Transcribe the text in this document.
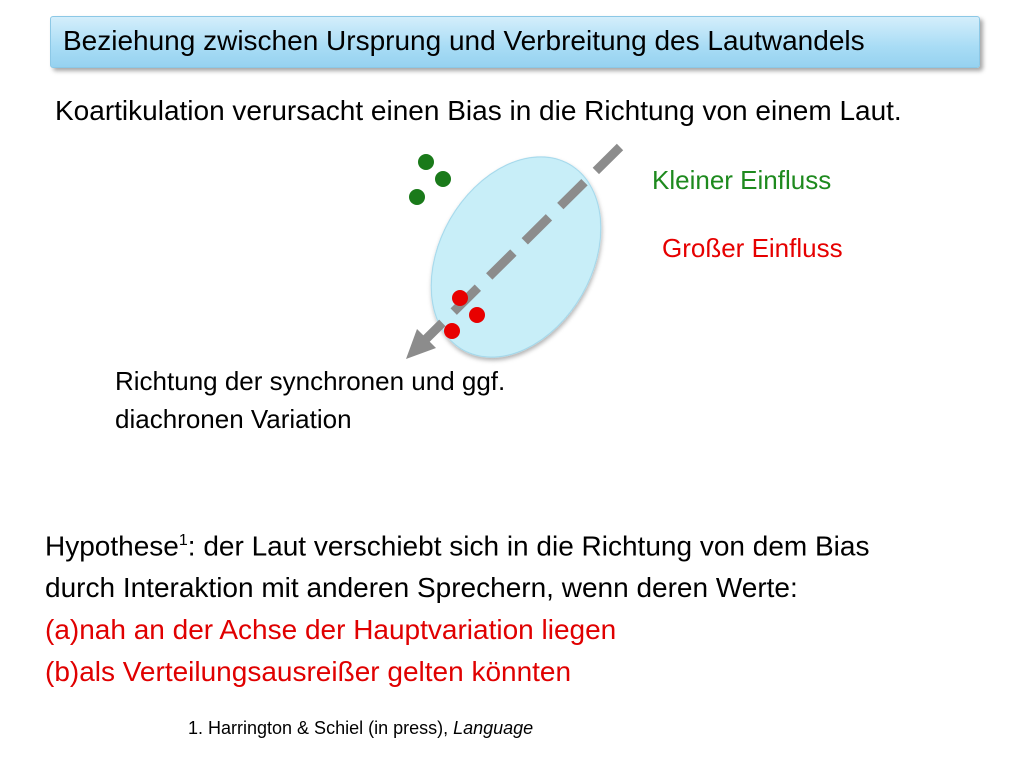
Beziehung zwischen Ursprung und Verbreitung des Lautwandels
Koartikulation verursacht einen Bias in die Richtung von einem Laut.
Kleiner Einfluss
Großer Einfluss
Richtung der synchronen und ggf.
diachronen Variation
Hypothese$^1$: der Laut verschiebt sich in die Richtung von dem Bias
durch Interaktion mit anderen Sprechern, wenn deren Werte:
(a)nah an der Achse der Hauptvariation liegen
(b)als Verteilungsausreißer gelten könnten
1. Harrington & Schiel (in press), Language
